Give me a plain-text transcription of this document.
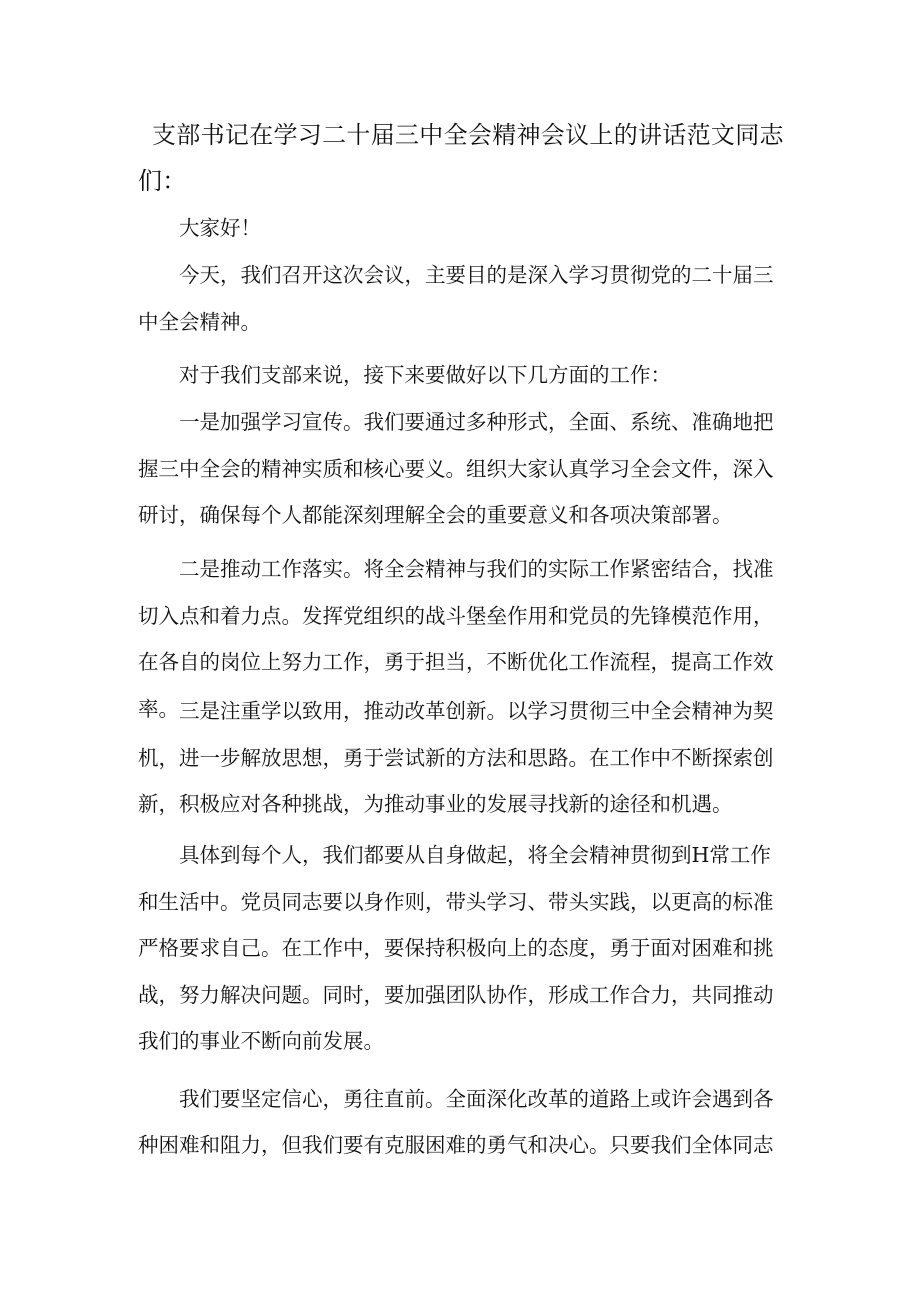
支部书记在学习二十届三中全会精神会议上的讲话范文同志们：

大家好！

今天，我们召开这次会议，主要目的是深入学习贯彻党的二十届三中全会精神。

对于我们支部来说，接下来要做好以下几方面的工作：

一是加强学习宣传。我们要通过多种形式，全面、系统、准确地把握三中全会的精神实质和核心要义。组织大家认真学习全会文件，深入研讨，确保每个人都能深刻理解全会的重要意义和各项决策部署。

二是推动工作落实。将全会精神与我们的实际工作紧密结合，找准切入点和着力点。发挥党组织的战斗堡垒作用和党员的先锋模范作用，在各自的岗位上努力工作，勇于担当，不断优化工作流程，提高工作效率。 三是注重学以致用，推动改革创新。以学习贯彻三中全会精神为契机，进一步解放思想，勇于尝试新的方法和思路。在工作中不断探索创新，积极应对各种挑战，为推动事业的发展寻找新的途径和机遇。

具体到每个人，我们都要从自身做起，将全会精神贯彻到H常工作和生活中。党员同志要以身作则，带头学习、带头实践，以更高的标准严格要求自己。在工作中，要保持积极向上的态度，勇于面对困难和挑战，努力解决问题。同时，要加强团队协作，形成工作合力，共同推动我们的事业不断向前发展。

我们要坚定信心，勇往直前。全面深化改革的道路上或许会遇到各种困难和阻力，但我们要有克服困难的勇气和决心。只要我们全体同志
